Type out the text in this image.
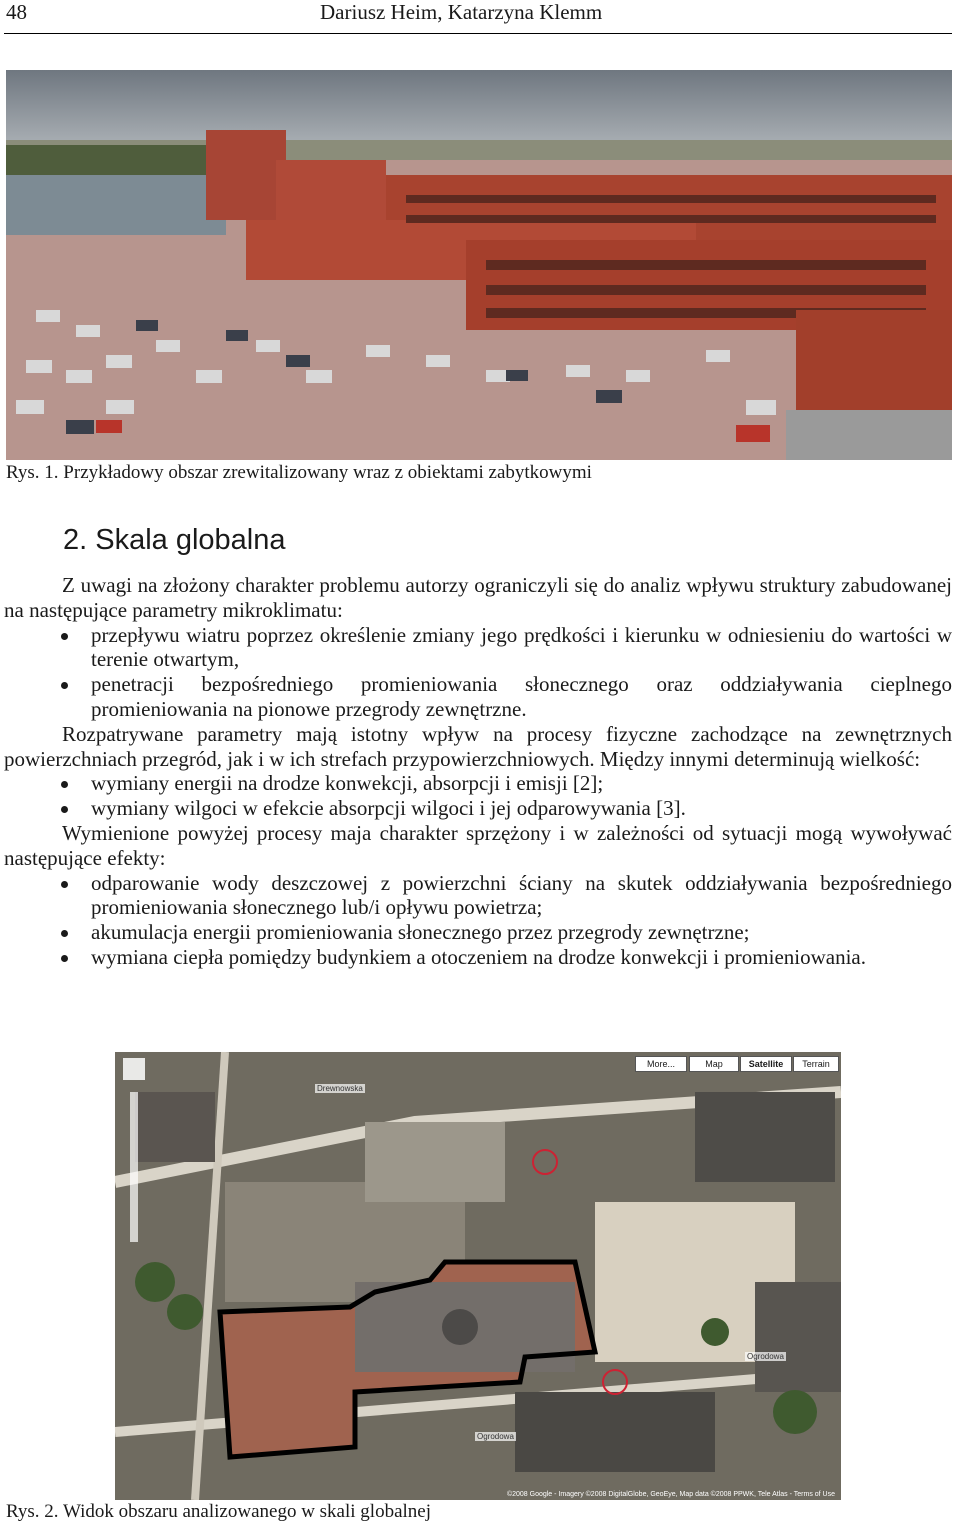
48	Dariusz Heim, Katarzyna Klemm
Rys. 1. Przykładowy obszar zrewitalizowany wraz z obiektami zabytkowymi
2. Skala globalna

Z uwagi na złożony charakter problemu autorzy ograniczyli się do analiz wpływu struktury zabudowanej na następujące parametry mikroklimatu:

przepływu wiatru poprzez określenie zmiany jego prędkości i kierunku w odniesieniu do wartości w terenie otwartym,
penetracji bezpośredniego promieniowania słonecznego oraz oddziaływania cieplnego promieniowania na pionowe przegrody zewnętrzne.

Rozpatrywane parametry mają istotny wpływ na procesy fizyczne zachodzące na zewnętrznych powierzchniach przegród, jak i w ich strefach przypowierzchniowych. Między innymi determinują wielkość:

wymiany energii na drodze konwekcji, absorpcji i emisji [2];
wymiany wilgoci w efekcie absorpcji wilgoci i jej odparowywania [3].

Wymienione powyżej procesy maja charakter sprzężony i w zależności od sytuacji mogą wywoływać następujące efekty:

odparowanie wody deszczowej z powierzchni ściany na skutek oddziaływania bezpośredniego promieniowania słonecznego lub/i opływu powietrza;
akumulacja energii promieniowania słonecznego przez przegrody zewnętrzne;
wymiana ciepła pomiędzy budynkiem a otoczeniem na drodze konwekcji i promieniowania.
More...	Map	Satellite	Terrain
Drewnowska
Ogrodowa
Ogrodowa
©2008 Google - Imagery ©2008 DigitalGlobe, GeoEye, Map data ©2008 PPWK, Tele Atlas - Terms of Use
Rys. 2. Widok obszaru analizowanego w skali globalnej
